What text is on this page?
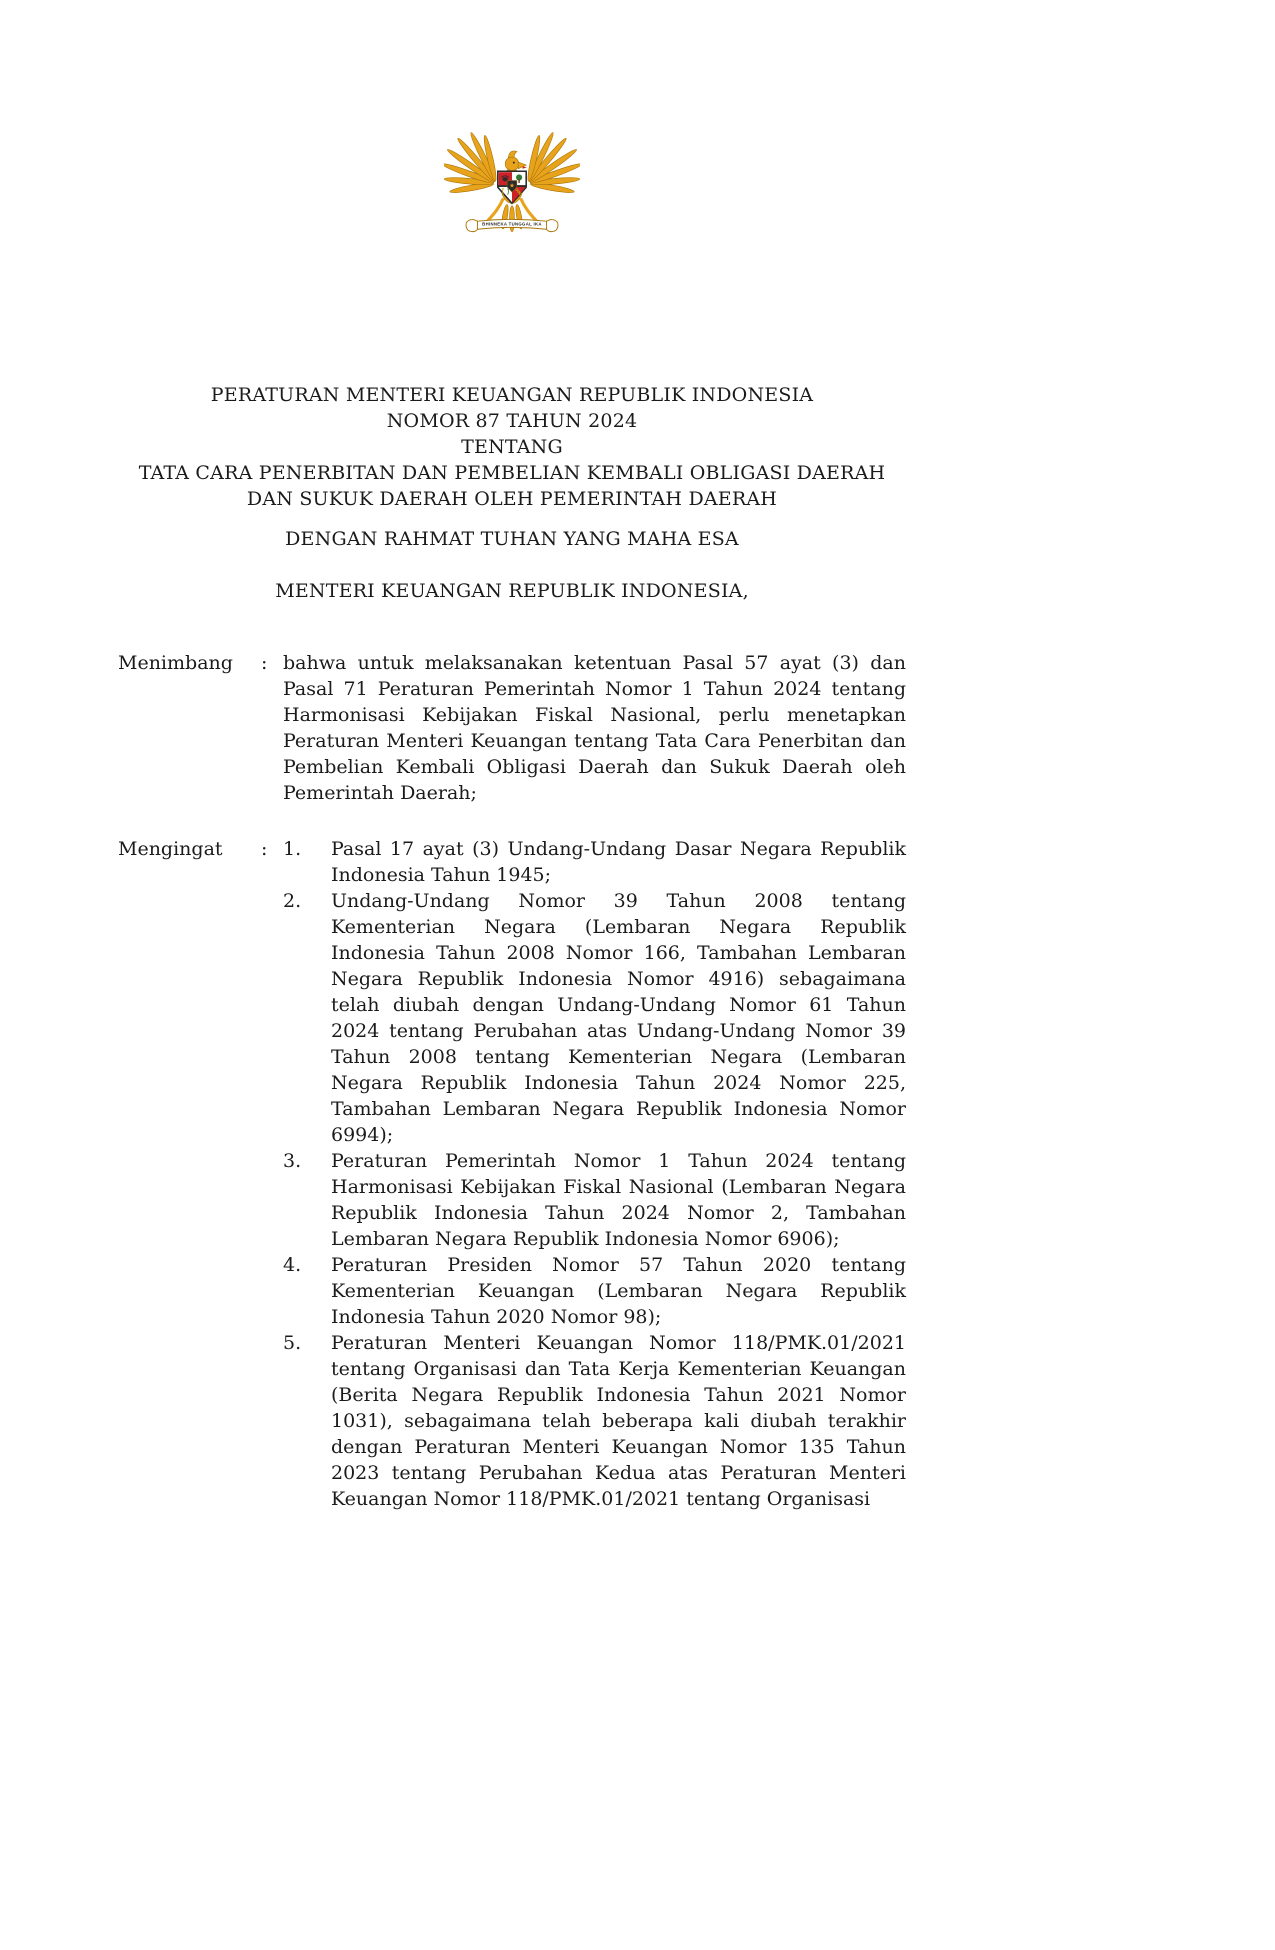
BHINNEKA TUNGGAL IKA
★
PERATURAN MENTERI KEUANGAN REPUBLIK INDONESIA
NOMOR 87 TAHUN 2024
TENTANG
TATA CARA PENERBITAN DAN PEMBELIAN KEMBALI OBLIGASI DAERAH
DAN SUKUK DAERAH OLEH PEMERINTAH DAERAH
DENGAN RAHMAT TUHAN YANG MAHA ESA
MENTERI KEUANGAN REPUBLIK INDONESIA,
Menimbang	: bahwa untuk melaksanakan ketentuan Pasal 57 ayat (3) dan Pasal 71 Peraturan Pemerintah Nomor 1 Tahun 2024 tentang Harmonisasi Kebijakan Fiskal Nasional, perlu menetapkan Peraturan Menteri Keuangan tentang Tata Cara Penerbitan dan Pembelian Kembali Obligasi Daerah dan Sukuk Daerah oleh Pemerintah Daerah;
Mengingat	: 1.	Pasal 17 ayat (3) Undang-Undang Dasar Negara Republik Indonesia Tahun 1945;
2.	Undang-Undang Nomor 39 Tahun 2008 tentang Kementerian Negara (Lembaran Negara Republik Indonesia Tahun 2008 Nomor 166, Tambahan Lembaran Negara Republik Indonesia Nomor 4916) sebagaimana telah diubah dengan Undang-Undang Nomor 61 Tahun 2024 tentang Perubahan atas Undang-Undang Nomor 39 Tahun 2008 tentang Kementerian Negara (Lembaran Negara Republik Indonesia Tahun 2024 Nomor 225, Tambahan Lembaran Negara Republik Indonesia Nomor 6994);
3.	Peraturan Pemerintah Nomor 1 Tahun 2024 tentang Harmonisasi Kebijakan Fiskal Nasional (Lembaran Negara Republik Indonesia Tahun 2024 Nomor 2, Tambahan Lembaran Negara Republik Indonesia Nomor 6906);
4.	Peraturan Presiden Nomor 57 Tahun 2020 tentang Kementerian Keuangan (Lembaran Negara Republik Indonesia Tahun 2020 Nomor 98);
5.	Peraturan Menteri Keuangan Nomor 118/PMK.01/2021 tentang Organisasi dan Tata Kerja Kementerian Keuangan (Berita Negara Republik Indonesia Tahun 2021 Nomor 1031), sebagaimana telah beberapa kali diubah terakhir dengan Peraturan Menteri Keuangan Nomor 135 Tahun 2023 tentang Perubahan Kedua atas Peraturan Menteri Keuangan Nomor 118/PMK.01/2021 tentang Organisasi
